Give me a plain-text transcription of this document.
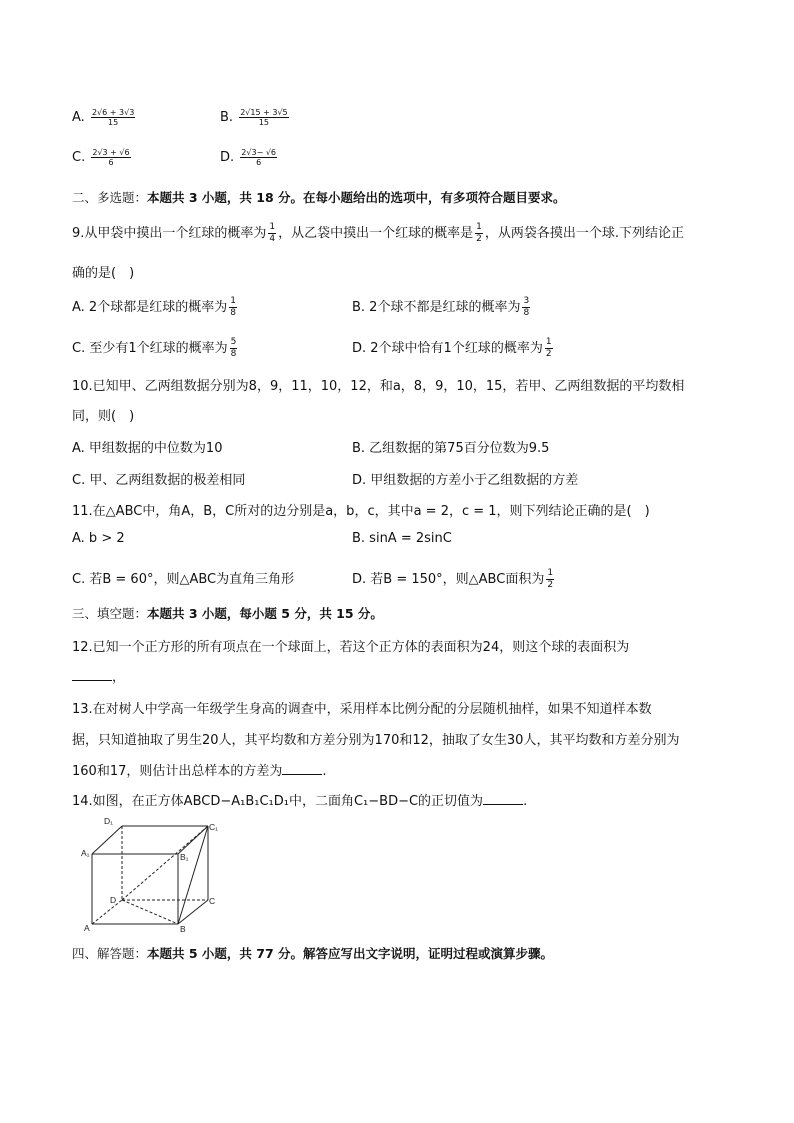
A. $\frac{2√6 + 3√3}{15}$	B. $\frac{2√15 + 3√5}{15}$
C. $\frac{2√3 + √6}{6}$	D. $\frac{2√3- √6}{6}$
二、多选题：本题共 3 小题，共 18 分。在每小题给出的选项中，有多项符合题目要求。
9.从甲袋中摸出一个红球的概率为 $\frac{1}{4}$ ，从乙袋中摸出一个红球的概率是 $\frac{1}{2}$ ，从两袋各摸出一个球.下列结论正
确的是(　)
A. 2个球都是红球的概率为 $\frac{1}{8}$	B. 2个球不都是红球的概率为 $\frac{3}{8}$
C. 至少有1个红球的概率为 $\frac{5}{8}$	D. 2个球中恰有1个红球的概率为 $\frac{1}{2}$
10.已知甲、乙两组数据分别为8，9，11，10，12，和a，8，9，10，15，若甲、乙两组数据的平均数相
同，则(　)
A. 甲组数据的中位数为10	B. 乙组数据的第75百分位数为9.5
C. 甲、乙两组数据的极差相同	D. 甲组数据的方差小于乙组数据的方差
11.在△ABC中，角A，B，C所对的边分别是a，b，c，其中a = 2，c = 1，则下列结论正确的是(　)
A. b > 2	B. sinA = 2sinC
C. 若B = 60°，则△ABC为直角三角形	D. 若B = 150°，则△ABC面积为 $\frac{1}{2}$
三、填空题：本题共 3 小题，每小题 5 分，共 15 分。
12.已知一个正方形的所有项点在一个球面上，若这个正方体的表面积为24，则这个球的表面积为
，
13.在对树人中学高一年级学生身高的调查中，采用样本比例分配的分层随机抽样，如果不知道样本数
据，只知道抽取了男生20人，其平均数和方差分别为170和12，抽取了女生30人，其平均数和方差分别为
160和17，则估计出总样本的方差为	.
14.如图，在正方体ABCD−A₁B₁C₁D₁中，二面角C₁−BD−C的正切值为	.
D₁
C₁
A₁	B₁
D	C
A	B
四、解答题：本题共 5 小题，共 77 分。解答应写出文字说明，证明过程或演算步骤。
